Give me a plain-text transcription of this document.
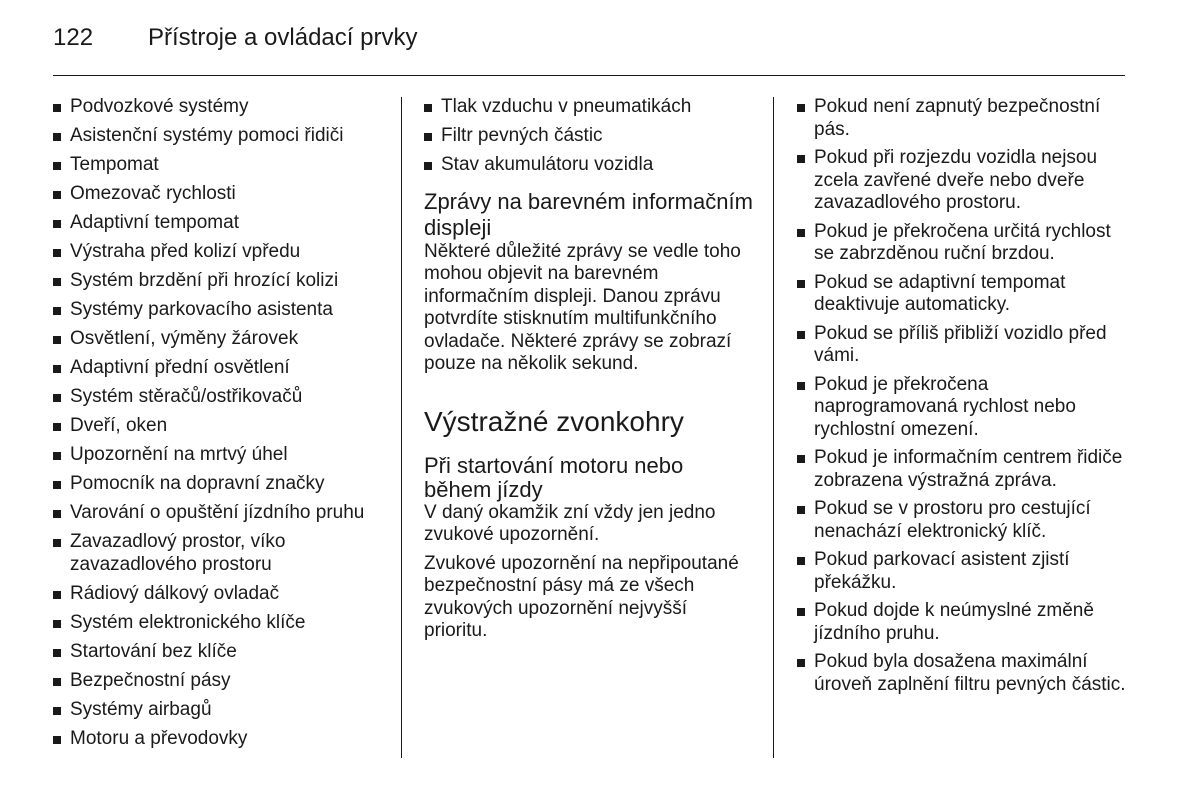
122 Přístroje a ovládací prvky
Podvozkové systémy
Asistenční systémy pomoci řidiči
Tempomat
Omezovač rychlosti
Adaptivní tempomat
Výstraha před kolizí vpředu
Systém brzdění při hrozící kolizi
Systémy parkovacího asistenta
Osvětlení, výměny žárovek
Adaptivní přední osvětlení
Systém stěračů/ostřikovačů
Dveří, oken
Upozornění na mrtvý úhel
Pomocník na dopravní značky
Varování o opuštění jízdního pruhu
Zavazadlový prostor, víko zavazadlového prostoru
Rádiový dálkový ovladač
Systém elektronického klíče
Startování bez klíče
Bezpečnostní pásy
Systémy airbagů
Motoru a převodovky
Tlak vzduchu v pneumatikách
Filtr pevných částic
Stav akumulátoru vozidla
Zprávy na barevném informačním displeji

Některé důležité zprávy se vedle toho mohou objevit na barevném informačním displeji. Danou zprávu potvrdíte stisknutím multifunkčního ovladače. Některé zprávy se zobrazí pouze na několik sekund.

Výstražné zvonkohry
Při startování motoru nebo během jízdy

V daný okamžik zní vždy jen jedno zvukové upozornění.

Zvukové upozornění na nepřipoutané bezpečnostní pásy má ze všech zvukových upozornění nejvyšší prioritu.

Pokud není zapnutý bezpečnostní pás.
Pokud při rozjezdu vozidla nejsou zcela zavřené dveře nebo dveře zavazadlového prostoru.
Pokud je překročena určitá rychlost se zabrzděnou ruční brzdou.
Pokud se adaptivní tempomat deaktivuje automaticky.
Pokud se příliš přibliží vozidlo před vámi.
Pokud je překročena naprogramovaná rychlost nebo rychlostní omezení.
Pokud je informačním centrem řidiče zobrazena výstražná zpráva.
Pokud se v prostoru pro cestující nenachází elektronický klíč.
Pokud parkovací asistent zjistí překážku.
Pokud dojde k neúmyslné změně jízdního pruhu.
Pokud byla dosažena maximální úroveň zaplnění filtru pevných částic.
